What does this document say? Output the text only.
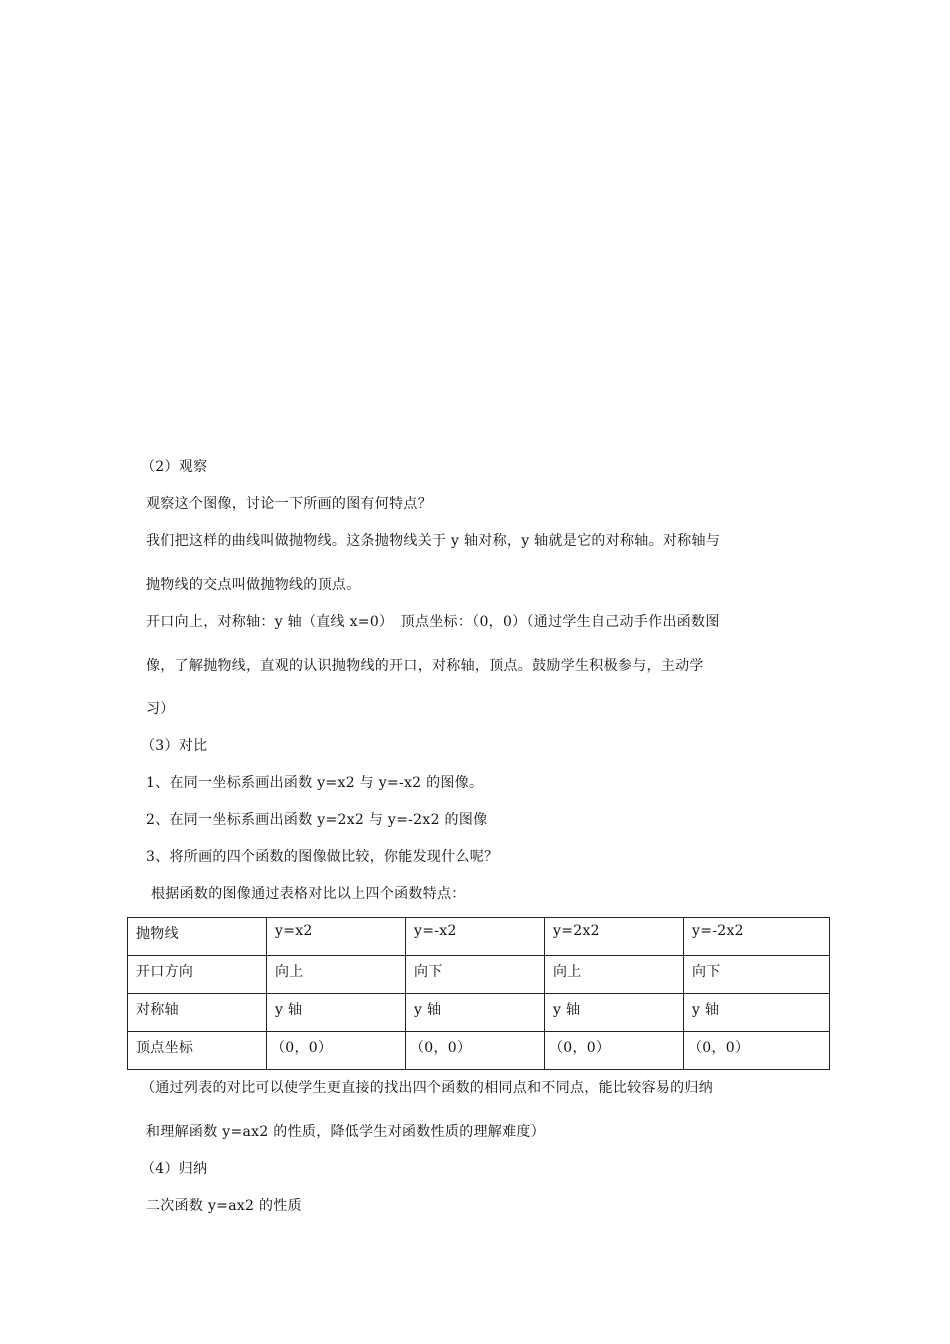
（2）观察
观察这个图像，讨论一下所画的图有何特点？
我们把这样的曲线叫做抛物线。这条抛物线关于 y 轴对称，y 轴就是它的对称轴。对称轴与
抛物线的交点叫做抛物线的顶点。
开口向上，对称轴：y 轴（直线 x=0）　顶点坐标：（0，0）（通过学生自己动手作出函数图
像，了解抛物线，直观的认识抛物线的开口，对称轴，顶点。鼓励学生积极参与，主动学
习）
（3）对比
1、在同一坐标系画出函数 y=x2 与 y=-x2 的图像。
2、在同一坐标系画出函数 y=2x2 与 y=-2x2 的图像
3、将所画的四个函数的图像做比较，你能发现什么呢？
根据函数的图像通过表格对比以上四个函数特点：
抛物线	y=x2	y=-x2	y=2x2	y=-2x2
开口方向	向上	向下	向上	向下
对称轴	y 轴	y 轴	y 轴	y 轴
顶点坐标	（0，0）	（0，0）	（0，0）	（0，0）
（通过列表的对比可以使学生更直接的找出四个函数的相同点和不同点，能比较容易的归纳
和理解函数 y=ax2 的性质，降低学生对函数性质的理解难度）
（4）归纳
二次函数 y=ax2 的性质
